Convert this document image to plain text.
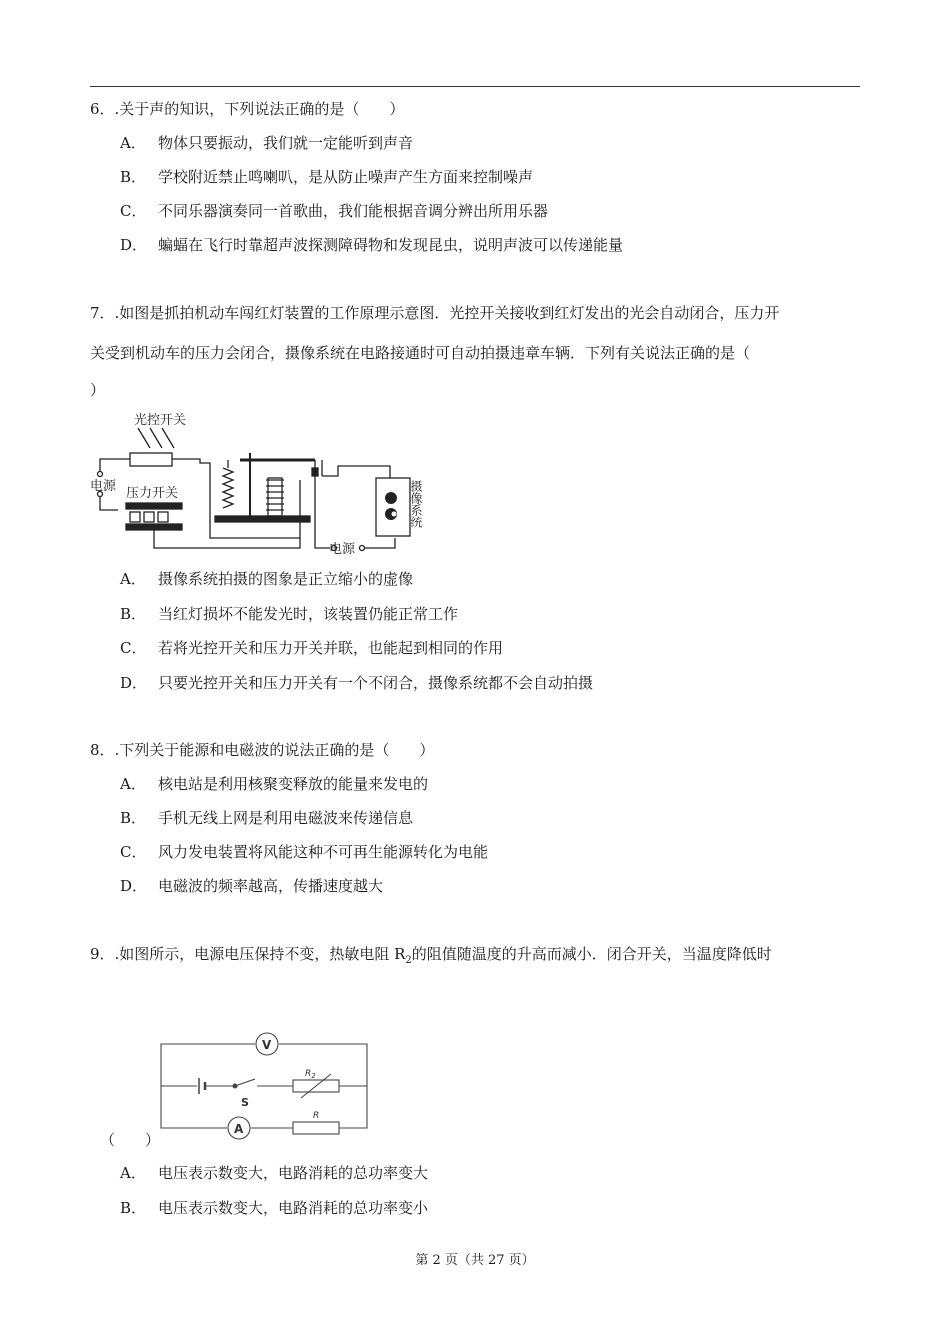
6．.关于声的知识，下列说法正确的是（　　）
A． 物体只要振动，我们就一定能听到声音
B． 学校附近禁止鸣喇叭，是从防止噪声产生方面来控制噪声
C． 不同乐器演奏同一首歌曲，我们能根据音调分辨出所用乐器
D． 蝙蝠在飞行时靠超声波探测障碍物和发现昆虫，说明声波可以传递能量
7．.如图是抓拍机动车闯红灯装置的工作原理示意图．光控开关接收到红灯发出的光会自动闭合，压力开
关受到机动车的压力会闭合，摄像系统在电路接通时可自动拍摄违章车辆．下列有关说法正确的是（
）
光控开关
电源 压力开关
电源
摄像系统
A． 摄像系统拍摄的图象是正立缩小的虚像
B． 当红灯损坏不能发光时，该装置仍能正常工作
C． 若将光控开关和压力开关并联，也能起到相同的作用
D． 只要光控开关和压力开关有一个不闭合，摄像系统都不会自动拍摄
8．.下列关于能源和电磁波的说法正确的是（　　）
A． 核电站是利用核聚变释放的能量来发电的
B． 手机无线上网是利用电磁波来传递信息
C． 风力发电装置将风能这种不可再生能源转化为电能
D． 电磁波的频率越高，传播速度越大
9．.如图所示，电源电压保持不变，热敏电阻 $R_2$的阻值随温度的升高而减小．闭合开关，当温度降低时
V
A
S
$R_2$
R
（　　）
A． 电压表示数变大，电路消耗的总功率变大
B． 电压表示数变大，电路消耗的总功率变小
第 2 页（共 27 页）
